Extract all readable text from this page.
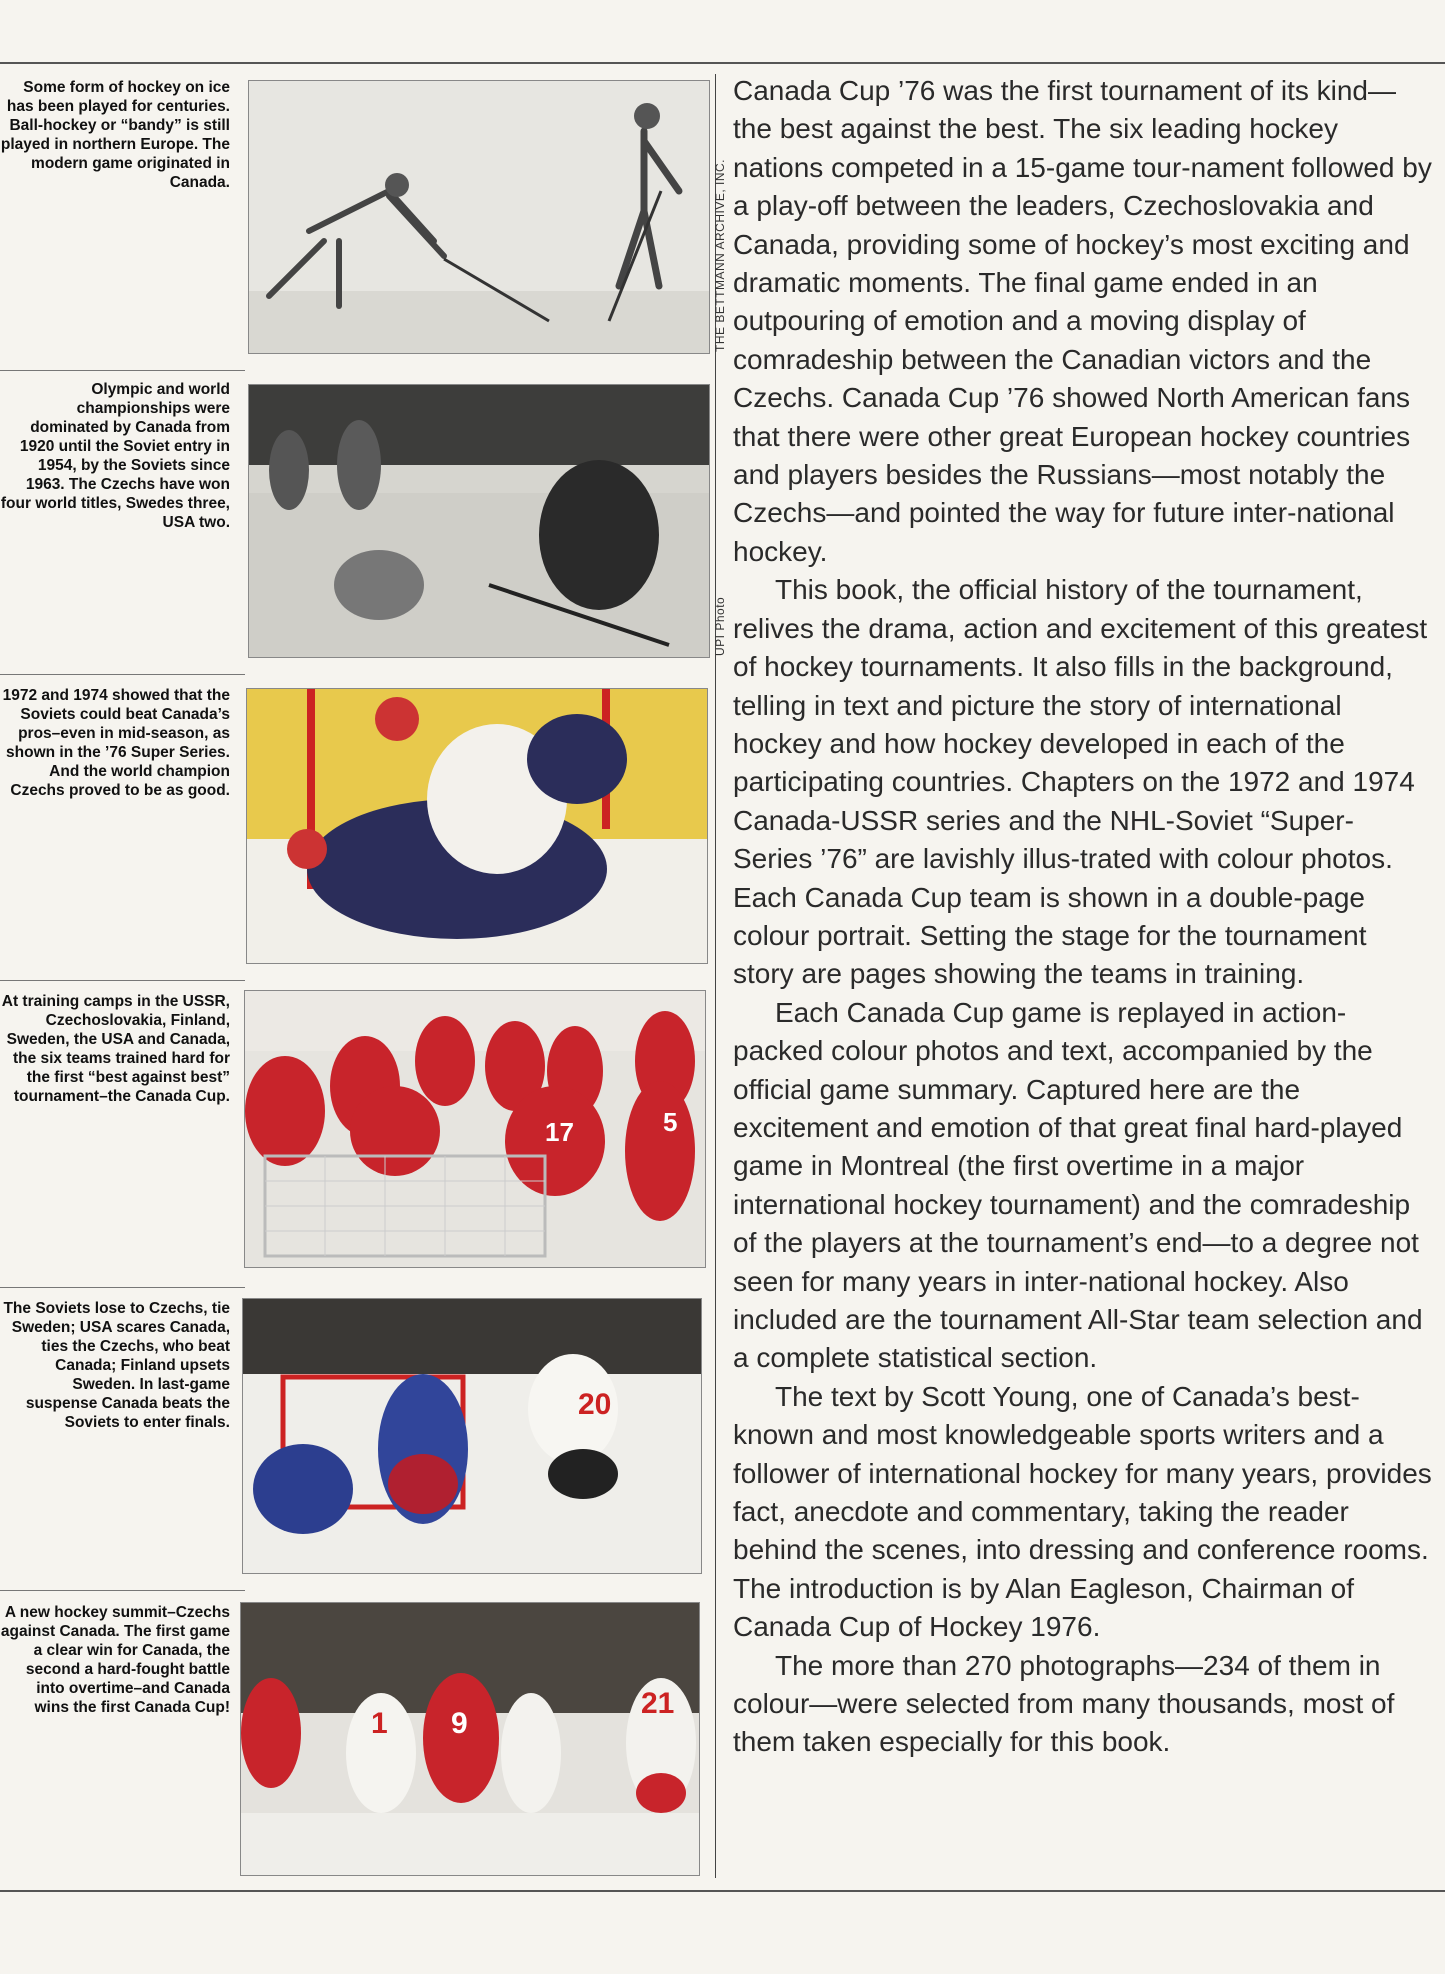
Some form of hockey on ice has been played for centuries. Ball-hockey or “bandy” is still played in northern Europe. The modern game originated in Canada.	THE BETTMANN ARCHIVE, INC.
Olympic and world championships were dominated by Canada from 1920 until the Soviet entry in 1954, by the Soviets since 1963. The Czechs have won four world titles, Swedes three, USA two.
UPI Photo
1972 and 1974 showed that the Soviets could beat Canada’s pros–even in mid-season, as shown in the ’76 Super Series. And the world champion Czechs proved to be as good.
At training camps in the USSR, Czechoslovakia, Finland, Sweden, the USA and Canada, the six teams trained hard for the first “best against best” tournament–the Canada Cup.
17	5
The Soviets lose to Czechs, tie Sweden; USA scares Canada, ties the Czechs, who beat Canada; Finland upsets Sweden. In last-game suspense Canada beats the Soviets to enter finals.
20
A new hockey summit–Czechs against Canada. The first game a clear win for Canada, the second a hard-fought battle into overtime–and Canada wins the first Canada Cup!	1 9
21

Canada Cup ’76 was the first tournament of its kind—the best against the best. The six leading hockey nations competed in a 15-game tour-nament followed by a play-off between the leaders, Czechoslovakia and Canada, providing some of hockey’s most exciting and dramatic moments. The final game ended in an outpouring of emotion and a moving display of comradeship between the Canadian victors and the Czechs. Canada Cup ’76 showed North American fans that there were other great European hockey countries and players besides the Russians—most notably the Czechs—and pointed the way for future inter-national hockey.

This book, the official history of the tournament, relives the drama, action and excitement of this greatest of hockey tournaments. It also fills in the background, telling in text and picture the story of international hockey and how hockey developed in each of the participating countries. Chapters on the 1972 and 1974 Canada-USSR series and the NHL-Soviet “Super-Series ’76” are lavishly illus-trated with colour photos. Each Canada Cup team is shown in a double-page colour portrait. Setting the stage for the tournament story are pages showing the teams in training.

Each Canada Cup game is replayed in action-packed colour photos and text, accompanied by the official game summary. Captured here are the excitement and emotion of that great final hard-played game in Montreal (the first overtime in a major international hockey tournament) and the comradeship of the players at the tournament’s end—to a degree not seen for many years in inter-national hockey. Also included are the tournament All-Star team selection and a complete statistical section.

The text by Scott Young, one of Canada’s best-known and most knowledgeable sports writers and a follower of international hockey for many years, provides fact, anecdote and commentary, taking the reader behind the scenes, into dressing and conference rooms. The introduction is by Alan Eagleson, Chairman of Canada Cup of Hockey 1976.

The more than 270 photographs—234 of them in colour—were selected from many thousands, most of them taken especially for this book.
